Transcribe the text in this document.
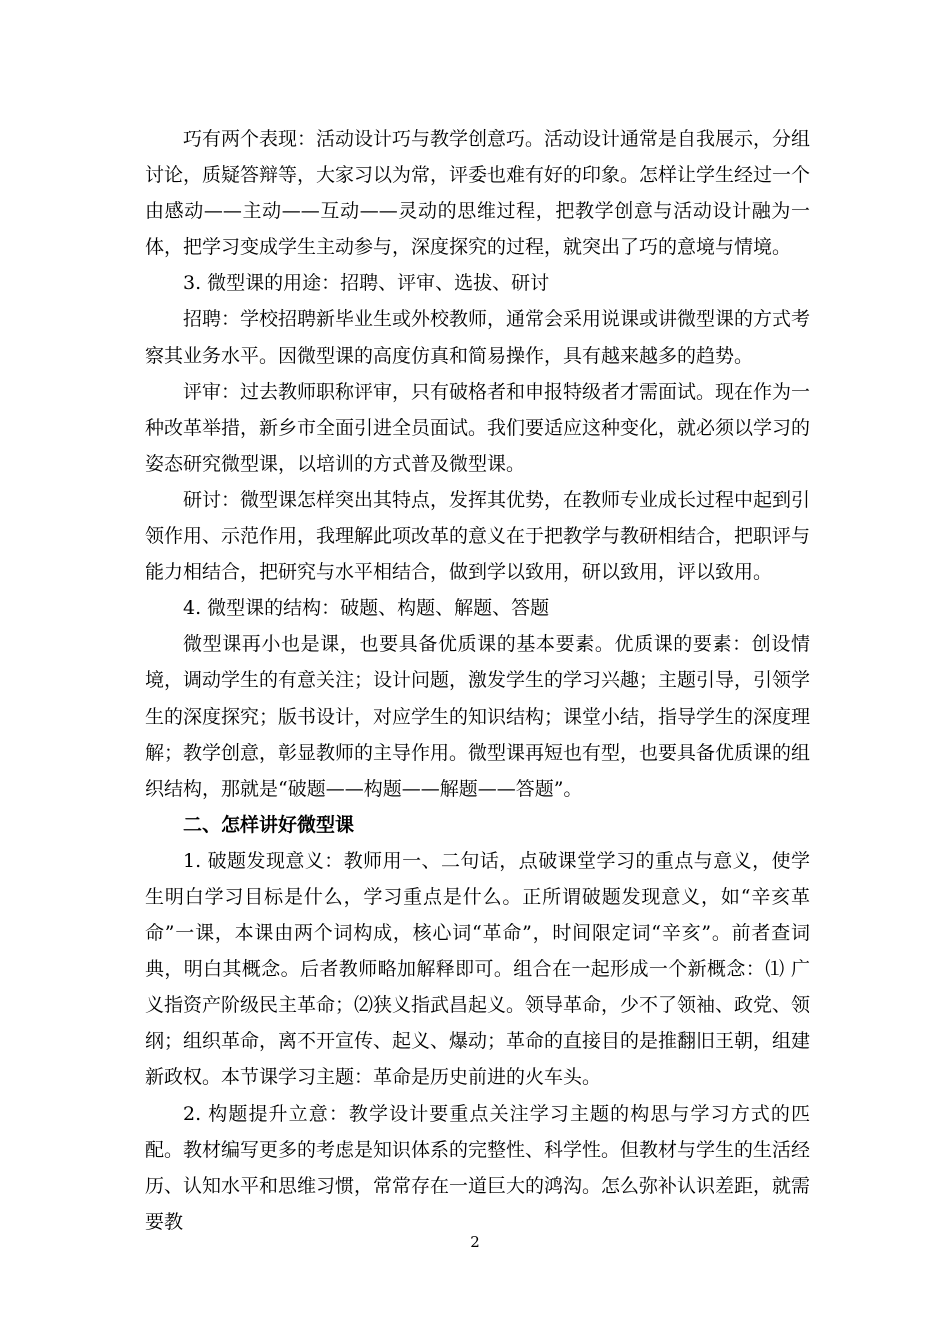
巧有两个表现：活动设计巧与教学创意巧。活动设计通常是自我展示，分组讨论，质疑答辩等，大家习以为常，评委也难有好的印象。怎样让学生经过一个由感动——主动——互动——灵动的思维过程，把教学创意与活动设计融为一体，把学习变成学生主动参与，深度探究的过程，就突出了巧的意境与情境。

3. 微型课的用途：招聘、评审、选拔、研讨

招聘：学校招聘新毕业生或外校教师，通常会采用说课或讲微型课的方式考察其业务水平。因微型课的高度仿真和简易操作，具有越来越多的趋势。

评审：过去教师职称评审，只有破格者和申报特级者才需面试。现在作为一种改革举措，新乡市全面引进全员面试。我们要适应这种变化，就必须以学习的姿态研究微型课，以培训的方式普及微型课。

研讨：微型课怎样突出其特点，发挥其优势，在教师专业成长过程中起到引领作用、示范作用，我理解此项改革的意义在于把教学与教研相结合，把职评与能力相结合，把研究与水平相结合，做到学以致用，研以致用，评以致用。

4. 微型课的结构：破题、构题、解题、答题

微型课再小也是课，也要具备优质课的基本要素。优质课的要素：创设情境，调动学生的有意关注；设计问题，激发学生的学习兴趣；主题引导，引领学生的深度探究；版书设计，对应学生的知识结构；课堂小结，指导学生的深度理解；教学创意，彰显教师的主导作用。微型课再短也有型，也要具备优质课的组织结构，那就是“破题——构题——解题——答题”。

二、怎样讲好微型课

1. 破题发现意义：教师用一、二句话，点破课堂学习的重点与意义，使学生明白学习目标是什么，学习重点是什么。正所谓破题发现意义，如“辛亥革命”一课，本课由两个词构成，核心词“革命”，时间限定词“辛亥”。前者查词典，明白其概念。后者教师略加解释即可。组合在一起形成一个新概念：⑴ 广义指资产阶级民主革命；⑵狭义指武昌起义。领导革命，少不了领袖、政党、领纲；组织革命，离不开宣传、起义、爆动；革命的直接目的是推翻旧王朝，组建新政权。本节课学习主题：革命是历史前进的火车头。

2. 构题提升立意：教学设计要重点关注学习主题的构思与学习方式的匹配。教材编写更多的考虑是知识体系的完整性、科学性。但教材与学生的生活经历、认知水平和思维习惯，常常存在一道巨大的鸿沟。怎么弥补认识差距，就需要教

2
